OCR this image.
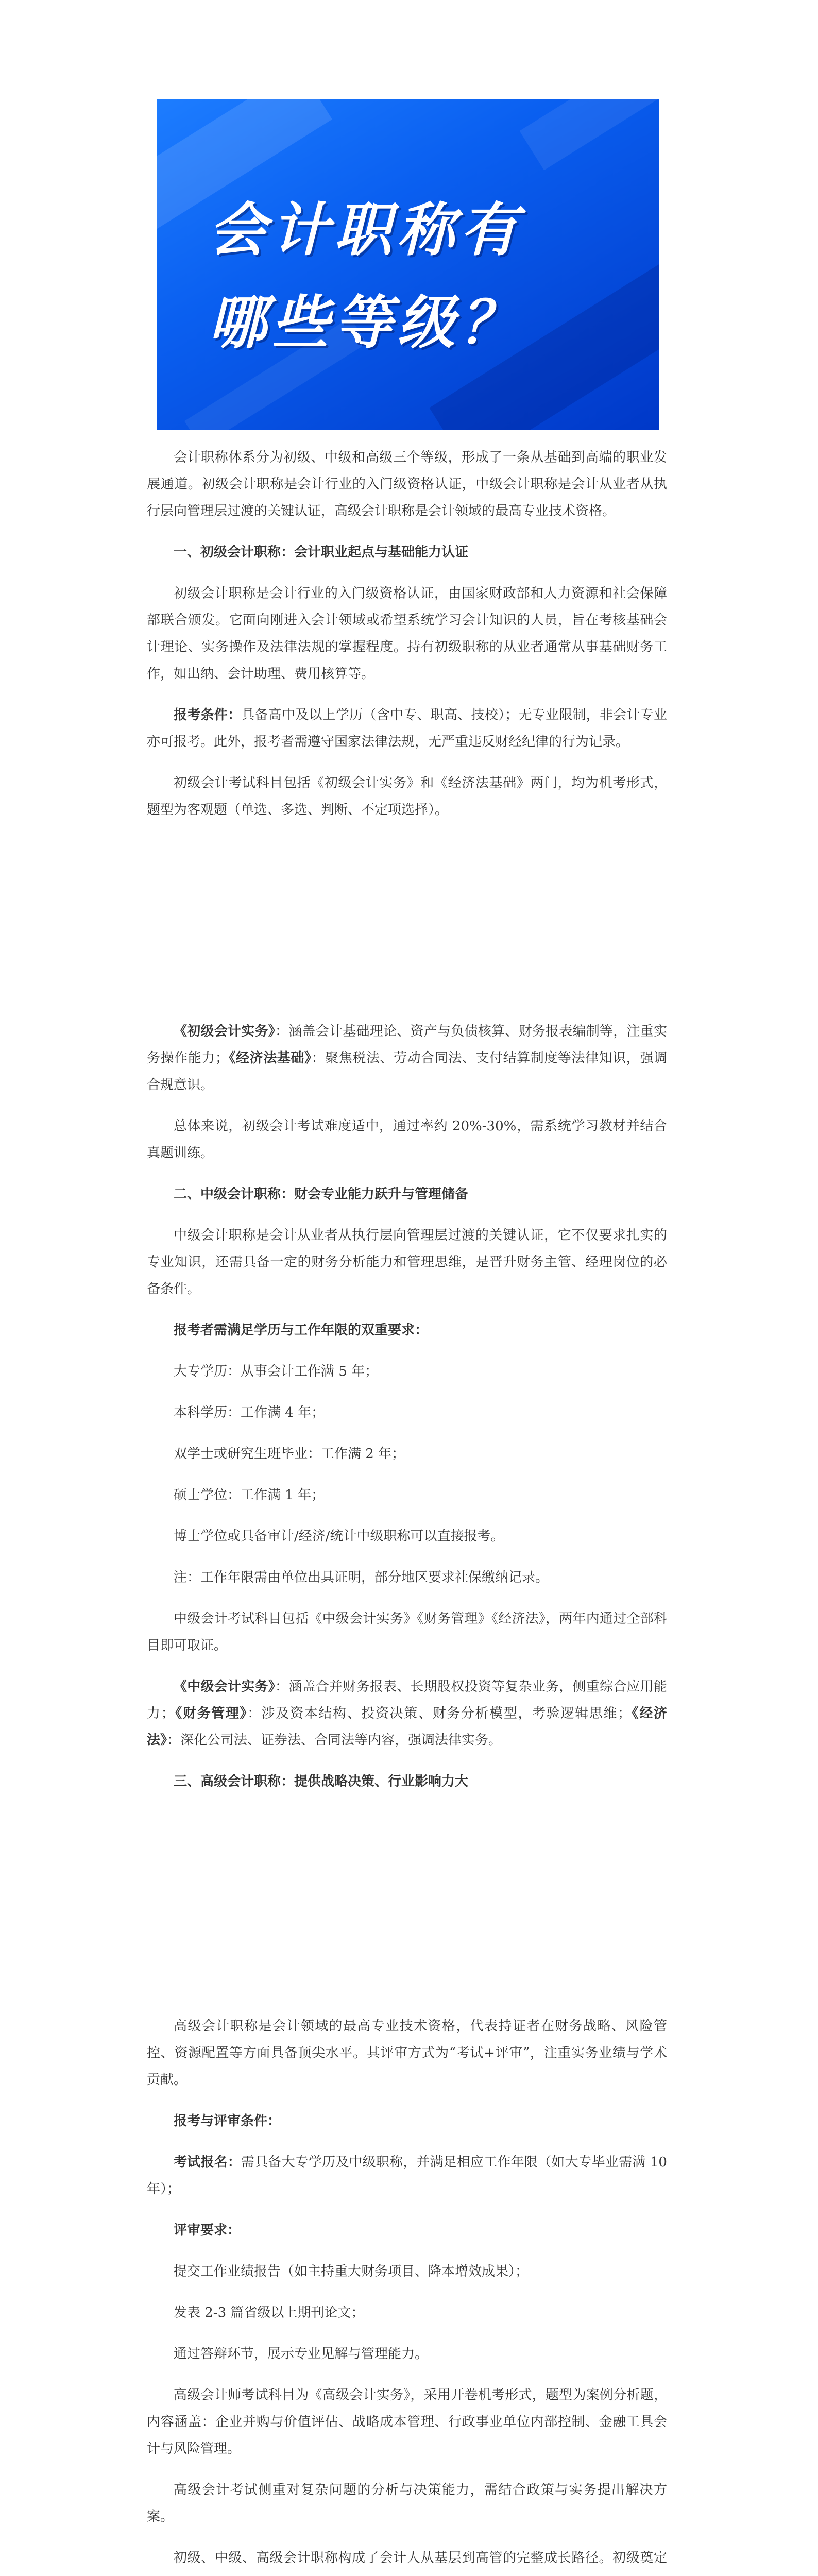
会计职称有
哪些等级？

会计职称体系分为初级、中级和高级三个等级，形成了一条从基础到高端的职业发展通道。初级会计职称是会计行业的入门级资格认证，中级会计职称是会计从业者从执行层向管理层过渡的关键认证，高级会计职称是会计领域的最高专业技术资格。

一、初级会计职称：会计职业起点与基础能力认证

初级会计职称是会计行业的入门级资格认证，由国家财政部和人力资源和社会保障部联合颁发。它面向刚进入会计领域或希望系统学习会计知识的人员，旨在考核基础会计理论、实务操作及法律法规的掌握程度。持有初级职称的从业者通常从事基础财务工作，如出纳、会计助理、费用核算等。

报考条件：具备高中及以上学历（含中专、职高、技校）；无专业限制，非会计专业亦可报考。此外，报考者需遵守国家法律法规，无严重违反财经纪律的行为记录。

初级会计考试科目包括《初级会计实务》和《经济法基础》两门，均为机考形式，题型为客观题（单选、多选、判断、不定项选择）。

《初级会计实务》：涵盖会计基础理论、资产与负债核算、财务报表编制等，注重实务操作能力；《经济法基础》：聚焦税法、劳动合同法、支付结算制度等法律知识，强调合规意识。

总体来说，初级会计考试难度适中，通过率约 20%-30%，需系统学习教材并结合真题训练。

二、中级会计职称：财会专业能力跃升与管理储备

中级会计职称是会计从业者从执行层向管理层过渡的关键认证，它不仅要求扎实的专业知识，还需具备一定的财务分析能力和管理思维，是晋升财务主管、经理岗位的必备条件。

报考者需满足学历与工作年限的双重要求：

大专学历：从事会计工作满 5 年；

本科学历：工作满 4 年；

双学士或研究生班毕业：工作满 2 年；

硕士学位：工作满 1 年；

博士学位或具备审计/经济/统计中级职称可以直接报考。

注：工作年限需由单位出具证明，部分地区要求社保缴纳记录。

中级会计考试科目包括《中级会计实务》《财务管理》《经济法》，两年内通过全部科目即可取证。

《中级会计实务》：涵盖合并财务报表、长期股权投资等复杂业务，侧重综合应用能力；《财务管理》：涉及资本结构、投资决策、财务分析模型，考验逻辑思维；《经济法》：深化公司法、证券法、合同法等内容，强调法律实务。

三、高级会计职称：提供战略决策、行业影响力大

高级会计职称是会计领域的最高专业技术资格，代表持证者在财务战略、风险管控、资源配置等方面具备顶尖水平。其评审方式为“考试+评审”，注重实务业绩与学术贡献。

报考与评审条件：

考试报名：需具备大专学历及中级职称，并满足相应工作年限（如大专毕业需满 10 年）；

评审要求：

提交工作业绩报告（如主持重大财务项目、降本增效成果）；

发表 2-3 篇省级以上期刊论文；

通过答辩环节，展示专业见解与管理能力。

高级会计师考试科目为《高级会计实务》，采用开卷机考形式，题型为案例分析题，内容涵盖：企业并购与价值评估、战略成本管理、行政事业单位内部控制、金融工具会计与风险管理。

高级会计考试侧重对复杂问题的分析与决策能力，需结合政策与实务提出解决方案。

初级、中级、高级会计职称构成了会计人从基层到高管的完整成长路径。初级奠定
